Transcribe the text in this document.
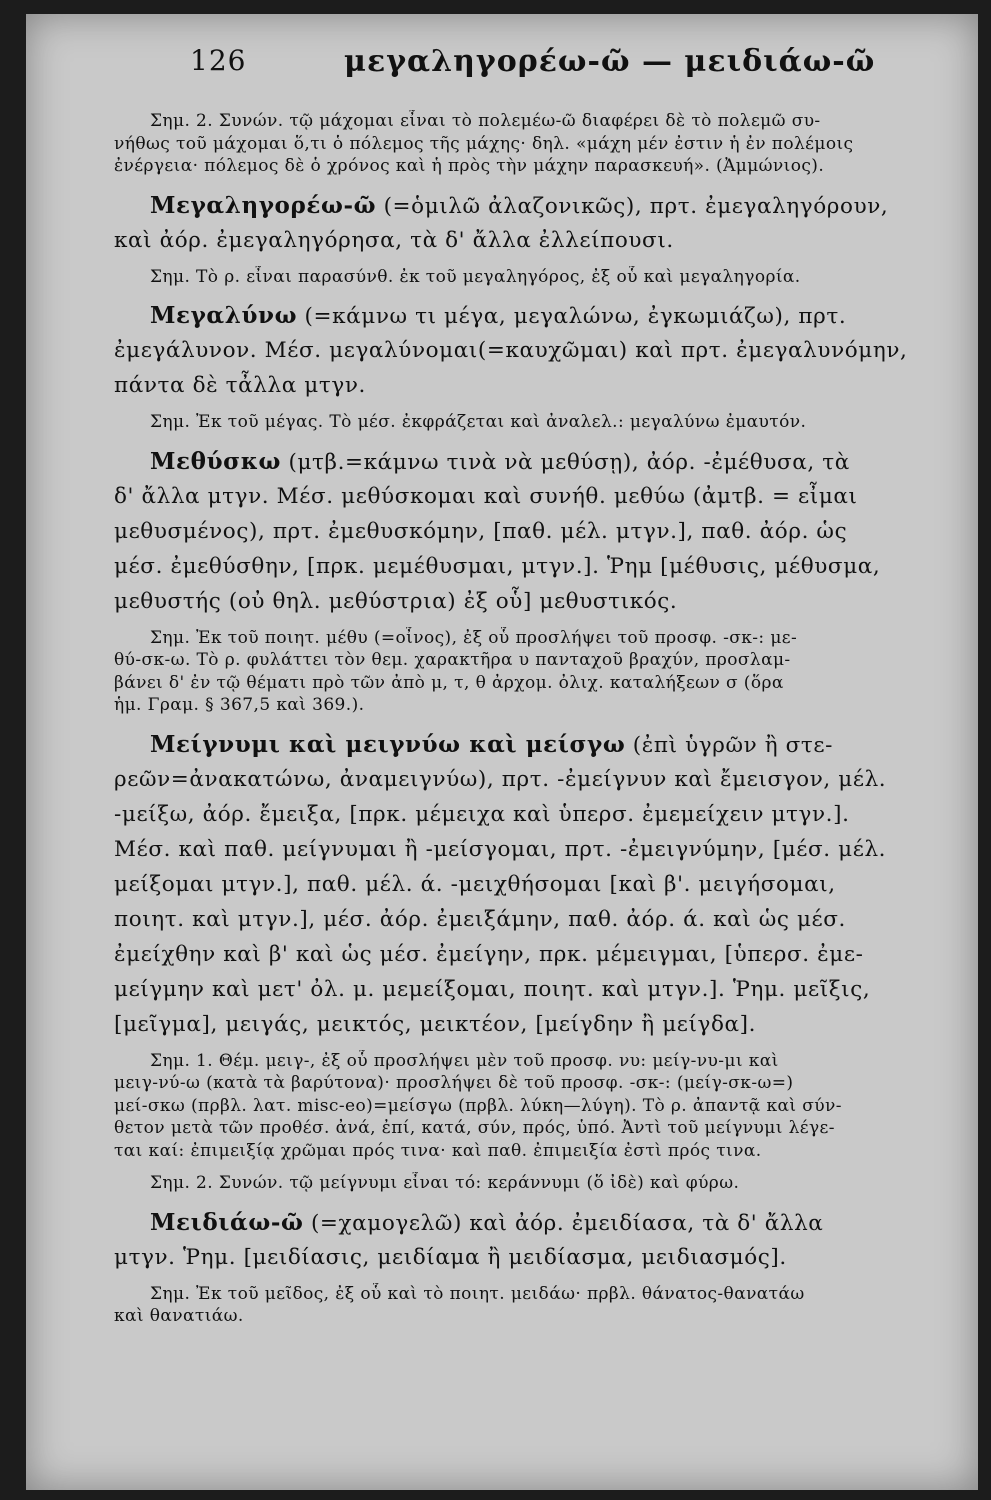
126	μεγαληγορέω-ῶ — μειδιάω-ῶ
Σημ. 2. Συνών. τῷ μάχομαι εἶναι τὸ πολεμέω-ῶ διαφέρει δὲ τὸ πολεμῶ συ-
νήθως τοῦ μάχομαι ὅ,τι ὁ πόλεμος τῆς μάχης· δηλ. «μάχη μέν ἐστιν ἡ ἐν πολέμοις
ἐνέργεια· πόλεμος δὲ ὁ χρόνος καὶ ἡ πρὸς τὴν μάχην παρασκευή». (Ἀμμώνιος).
Μεγαληγορέω-ῶ (=ὁμιλῶ ἀλαζονικῶς), πρτ. ἐμεγαληγόρουν,
καὶ ἀόρ. ἐμεγαληγόρησα, τὰ δ' ἄλλα ἐλλείπουσι.
Σημ. Τὸ ρ. εἶναι παρασύνθ. ἐκ τοῦ μεγαληγόρος, ἐξ οὗ καὶ μεγαληγορία.
Μεγαλύνω (=κάμνω τι μέγα, μεγαλώνω, ἐγκωμιάζω), πρτ.
ἐμεγάλυνον. Μέσ. μεγαλύνομαι(=καυχῶμαι) καὶ πρτ. ἐμεγαλυνόμην,
πάντα δὲ τἆλλα μτγν.
Σημ. Ἐκ τοῦ μέγας. Τὸ μέσ. ἐκφράζεται καὶ ἀναλελ.: μεγαλύνω ἐμαυτόν.
Μεθύσκω (μτβ.=κάμνω τινὰ νὰ μεθύσῃ), ἀόρ. -ἐμέθυσα, τὰ
δ' ἄλλα μτγν. Μέσ. μεθύσκομαι καὶ συνήθ. μεθύω (ἀμτβ. = εἶμαι
μεθυσμένος), πρτ. ἐμεθυσκόμην, [παθ. μέλ. μτγν.], παθ. ἀόρ. ὡς
μέσ. ἐμεθύσθην, [πρκ. μεμέθυσμαι, μτγν.]. Ῥημ [μέθυσις, μέθυσμα,
μεθυστής (οὐ θηλ. μεθύστρια) ἐξ οὗ] μεθυστικός.
Σημ. Ἐκ τοῦ ποιητ. μέθυ (=οἶνος), ἐξ οὗ προσλήψει τοῦ προσφ. -σκ-: με-
θύ-σκ-ω. Τὸ ρ. φυλάττει τὸν θεμ. χαρακτῆρα υ πανταχοῦ βραχύν, προσλαμ-
βάνει δ' ἐν τῷ θέματι πρὸ τῶν ἀπὸ μ, τ, θ ἀρχομ. ὀλιχ. καταλήξεων σ (ὅρα
ἡμ. Γραμ. § 367,5 καὶ 369.).
Μείγνυμι καὶ μειγνύω καὶ μείσγω (ἐπὶ ὑγρῶν ἢ στε-
ρεῶν=ἀνακατώνω, ἀναμειγνύω), πρτ. -ἐμείγνυν καὶ ἔμεισγον, μέλ.
-μείξω, ἀόρ. ἔμειξα, [πρκ. μέμειχα καὶ ὑπερσ. ἐμεμείχειν μτγν.].
Μέσ. καὶ παθ. μείγνυμαι ἢ -μείσγομαι, πρτ. -ἐμειγνύμην, [μέσ. μέλ.
μείξομαι μτγν.], παθ. μέλ. ά. -μειχθήσομαι [καὶ β'. μειγήσομαι,
ποιητ. καὶ μτγν.], μέσ. ἀόρ. ἐμειξάμην, παθ. ἀόρ. ά. καὶ ὡς μέσ.
ἐμείχθην καὶ β' καὶ ὡς μέσ. ἐμείγην, πρκ. μέμειγμαι, [ὑπερσ. ἐμε-
μείγμην καὶ μετ' ὀλ. μ. μεμείξομαι, ποιητ. καὶ μτγν.]. Ῥημ. μεῖξις,
[μεῖγμα], μειγάς, μεικτός, μεικτέον, [μείγδην ἢ μείγδα].
Σημ. 1. Θέμ. μειγ-, ἐξ οὗ προσλήψει μὲν τοῦ προσφ. νυ: μείγ-νυ-μι καὶ
μειγ-νύ-ω (κατὰ τὰ βαρύτονα)· προσλήψει δὲ τοῦ προσφ. -σκ-: (μείγ-σκ-ω=)
μεί-σκω (πρβλ. λατ. misc-eo)=μείσγω (πρβλ. λύκη—λύγη). Τὸ ρ. ἀπαντᾷ καὶ σύν-
θετον μετὰ τῶν προθέσ. ἀνά, ἐπί, κατά, σύν, πρός, ὑπό. Ἀντὶ τοῦ μείγνυμι λέγε-
ται καί: ἐπιμειξίᾳ χρῶμαι πρός τινα· καὶ παθ. ἐπιμειξία ἐστὶ πρός τινα.
Σημ. 2. Συνών. τῷ μείγνυμι εἶναι τό: κεράννυμι (ὅ ἰδὲ) καὶ φύρω.
Μειδιάω-ῶ (=χαμογελῶ) καὶ ἀόρ. ἐμειδίασα, τὰ δ' ἄλλα
μτγν. Ῥημ. [μειδίασις, μειδίαμα ἢ μειδίασμα, μειδιασμός].
Σημ. Ἐκ τοῦ μεῖδος, ἐξ οὗ καὶ τὸ ποιητ. μειδάω· πρβλ. θάνατος-θανατάω
καὶ θανατιάω.
